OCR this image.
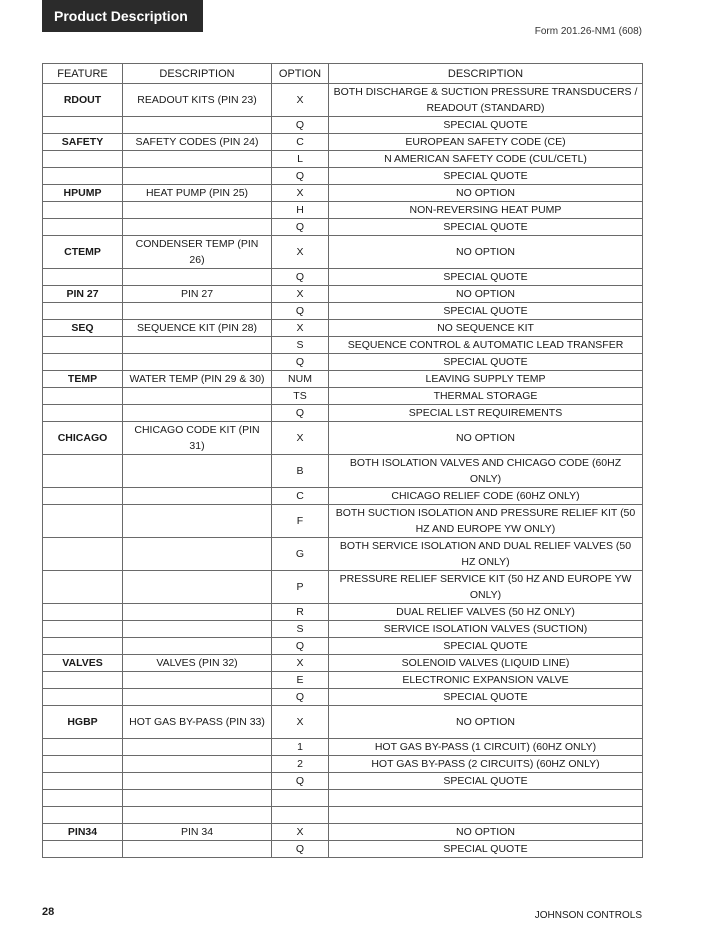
Product Description
Form 201.26-NM1 (608)
FEATURE	DESCRIPTION	OPTION	DESCRIPTION
RDOUT	READOUT KITS (PIN 23)	X	BOTH DISCHARGE & SUCTION PRESSURE TRANSDUCERS / READOUT (STANDARD)
		Q	SPECIAL QUOTE
SAFETY	SAFETY CODES (PIN 24)	C	EUROPEAN SAFETY CODE (CE)
		L	N AMERICAN SAFETY CODE (CUL/CETL)
		Q	SPECIAL QUOTE
HPUMP	HEAT PUMP (PIN 25)	X	NO OPTION
		H	NON-REVERSING HEAT PUMP
		Q	SPECIAL QUOTE
CTEMP	CONDENSER TEMP (PIN 26)	X	NO OPTION
		Q	SPECIAL QUOTE
PIN 27	PIN 27	X	NO OPTION
		Q	SPECIAL QUOTE
SEQ	SEQUENCE KIT (PIN 28)	X	NO SEQUENCE KIT
		S	SEQUENCE CONTROL & AUTOMATIC LEAD TRANSFER
		Q	SPECIAL QUOTE
TEMP	WATER TEMP (PIN 29 & 30)	NUM	LEAVING SUPPLY TEMP
		TS	THERMAL STORAGE
		Q	SPECIAL LST REQUIREMENTS
CHICAGO	CHICAGO CODE KIT (PIN 31)	X	NO OPTION
		B	BOTH ISOLATION VALVES AND CHICAGO CODE (60HZ ONLY)
		C	CHICAGO RELIEF CODE (60HZ ONLY)
		F	BOTH SUCTION ISOLATION AND PRESSURE RELIEF KIT (50 HZ AND EUROPE YW ONLY)
		G	BOTH SERVICE ISOLATION AND DUAL RELIEF VALVES (50 HZ ONLY)
		P	PRESSURE RELIEF SERVICE KIT (50 HZ AND EUROPE YW ONLY)
		R	DUAL RELIEF VALVES (50 HZ ONLY)
		S	SERVICE ISOLATION VALVES (SUCTION)
		Q	SPECIAL QUOTE
VALVES	VALVES (PIN 32)	X	SOLENOID VALVES (LIQUID LINE)
		E	ELECTRONIC EXPANSION VALVE
		Q	SPECIAL QUOTE
HGBP	HOT GAS BY-PASS (PIN 33)	X	NO OPTION
		1	HOT GAS BY-PASS (1 CIRCUIT) (60HZ ONLY)
		2	HOT GAS BY-PASS (2 CIRCUITS) (60HZ ONLY)
		Q	SPECIAL QUOTE

PIN34	PIN 34	X	NO OPTION
		Q	SPECIAL QUOTE
28	JOHNSON CONTROLS
